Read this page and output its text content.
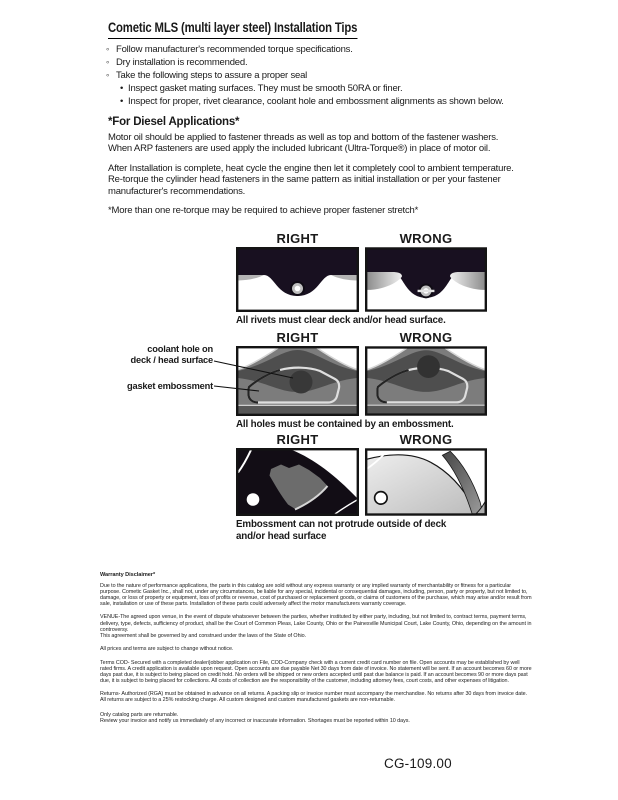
Cometic MLS (multi layer steel) Installation Tips
◦ Follow manufacturer's recommended torque specifications.
◦ Dry installation is recommended.
◦ Take the following steps to assure a proper seal
• Inspect gasket mating surfaces. They must be smooth 50RA or finer.
• Inspect for proper, rivet clearance, coolant hole and embossment alignments as shown below.
*For Diesel Applications*

Motor oil should be applied to fastener threads as well as top and bottom of the fastener washers. When ARP fasteners are used apply the included lubricant (Ultra-Torque®) in place of motor oil.

After Installation is complete, heat cycle the engine then let it completely cool to ambient temperature. Re-torque the cylinder head fasteners in the same pattern as initial installation or per your fastener manufacturer's recommendations.

*More than one re-torque may be required to achieve proper fastener stretch*

RIGHT	WRONG
All rivets must clear deck and/or head surface.
RIGHT	WRONG
All holes must be contained by an embossment.
coolant hole on
deck / head surface
gasket embossment
RIGHT	WRONG
Embossment can not protrude outside of deck and/or head surface

Warranty Disclaimer*

Due to the nature of performance applications, the parts in this catalog are sold without any express warranty or any implied warranty of merchantability or fitness for a particular purpose. Cometic Gasket Inc., shall not, under any circumstances, be liable for any special, incidental or consequential damages, including, person, party or property, but not limited to, damage, or loss of property or equipment, loss of profits or revenue, cost of purchased or replacement goods, or claims of customers of the purchase, which may arise and/or result from sale, installation or use of these parts. Installation of these parts could adversely affect the motor manufacturers warranty coverage.

VENUE-The agreed upon venue, in the event of dispute whatsoever between the parties, whether instituted by either party, including, but not limited to, contract terms, payment terms, delivery, type, defects, sufficiency of product, shall be the Court of Common Pleas, Lake County, Ohio or the Painesville Municipal Court, Lake County, Ohio, depending on the amount in controversy.

This agreement shall be governed by and construed under the laws of the State of Ohio.

All prices and terms are subject to change without notice.

Terms COD- Secured with a completed dealer/jobber application on File, COD-Company check with a current credit card number on file. Open accounts may be established by well rated firms. A credit application is available upon request. Open accounts are due payable Net 30 days from date of invoice. No statement will be sent. If an account becomes 60 or more days past due, it is subject to being placed on credit hold. No orders will be shipped or new orders accepted until past due balance is paid. If an account becomes 90 or more days past due, it is subject to being placed for collections. All costs of collection are the responsibility of the customer, including attorney fees, court costs, and other expenses of litigation.

Returns- Authorized (RGA) must be obtained in advance on all returns. A packing slip or invoice number must accompany the merchandise. No returns after 30 days from invoice date. All returns are subject to a 25% restocking charge. All custom designed and custom manufactured gaskets are non-returnable.

Only catalog parts are returnable.

Review your invoice and notify us immediately of any incorrect or inaccurate information. Shortages must be reported within 10 days.

CG-109.00
